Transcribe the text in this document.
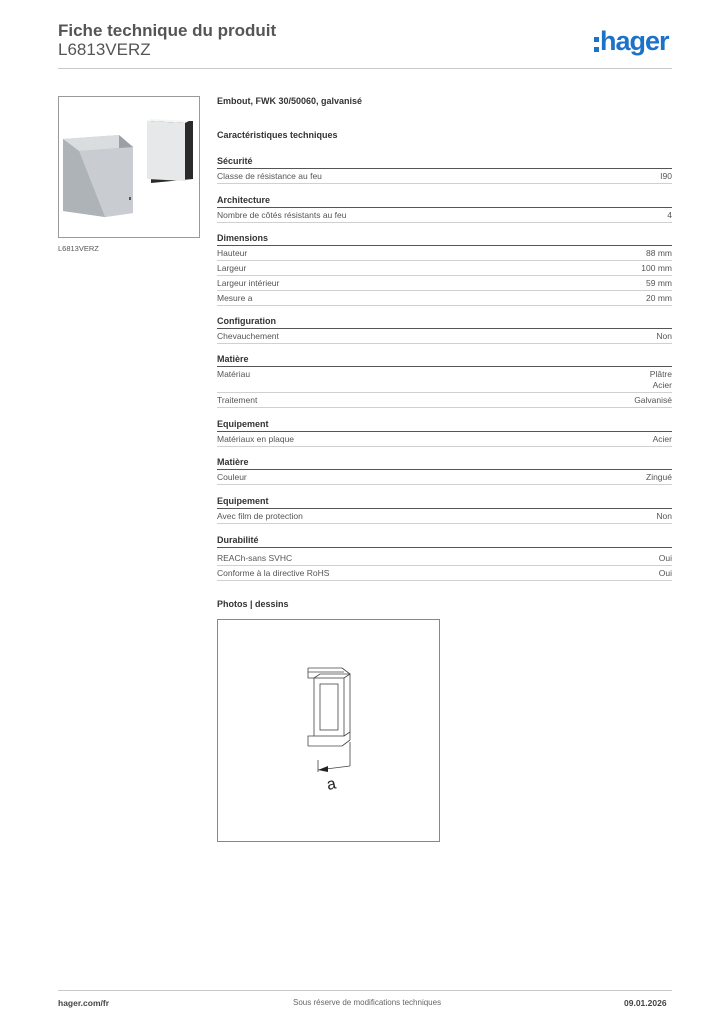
Fiche technique du produit
L6813VERZ	hager
L6813VERZ
Embout, FWK 30/50060, galvanisé
Caractéristiques techniques
Sécurité
Classe de résistance au feu	I90
Architecture
Nombre de côtés résistants au feu	4
Dimensions
Hauteur	88 mm
Largeur	100 mm
Largeur intérieur	59 mm
Mesure a	20 mm
Configuration
Chevauchement	Non
Matière
Matériau	Plâtre
Acier
Traitement	Galvanisé
Equipement
Matériaux en plaque	Acier
Matière
Couleur	Zingué
Equipement
Avec film de protection	Non
Durabilité
REACh-sans SVHC	Oui
Conforme à la directive RoHS	Oui
Photos | dessins
a
hager.com/fr	Sous réserve de modifications techniques	09.01.2026
